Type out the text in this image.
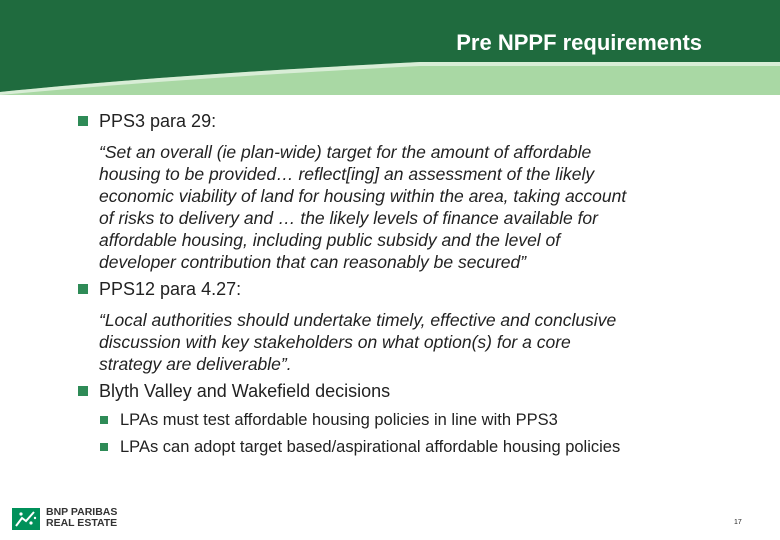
Pre NPPF requirements
PPS3 para 29:
“Set an overall (ie plan-wide) target for the amount of affordable
housing to be provided… reflect[ing] an assessment of the likely
economic viability of land for housing within the area, taking account
of risks to delivery and … the likely levels of finance available for
affordable housing, including public subsidy and the level of
developer contribution that can reasonably be secured”
PPS12 para 4.27:
“Local authorities should undertake timely, effective and conclusive
discussion with key stakeholders on what option(s) for a core
strategy are deliverable”.
Blyth Valley and Wakefield decisions
LPAs must test affordable housing policies in line with PPS3
LPAs can adopt target based/aspirational affordable housing policies
BNP PARIBAS
REAL ESTATE	17
